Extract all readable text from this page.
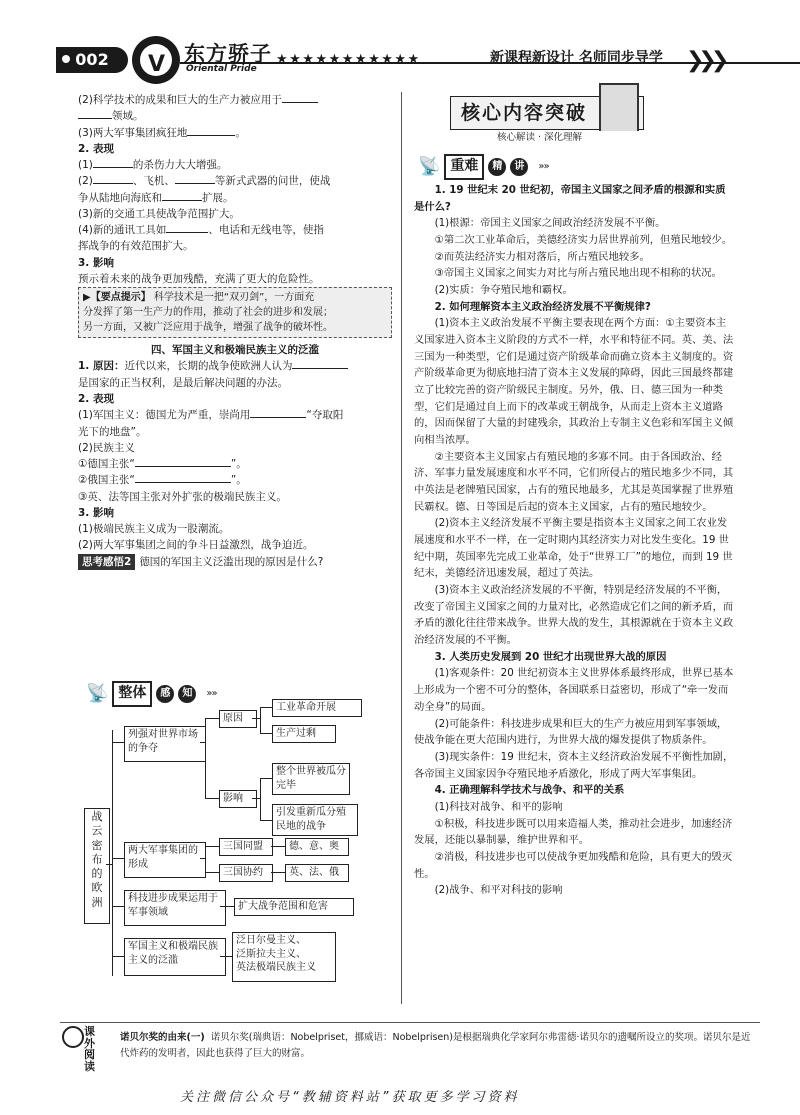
002	V 东方骄子
Oriental Pride
★★★★★★★★★★★	新课程新设计 名师同步导学 ❯❯❯

(2)科学技术的成果和巨大的生产力被应用于

领域。

(3)两大军事集团疯狂地	。

2. 表现

(1)	的杀伤力大大增强。

(2)	、飞机、	等新式武器的问世，使战

争从陆地向海底和	扩展。

(3)新的交通工具使战争范围扩大。

(4)新的通讯工具如	、电话和无线电等，使指

挥战争的有效范围扩大。

3. 影响

预示着未来的战争更加残酷，充满了更大的危险性。

▶【要点提示】 科学技术是一把“双刃剑”，一方面充
分发挥了第一生产力的作用，推动了社会的进步和发展；
另一方面，又被广泛应用于战争，增强了战争的破坏性。

四、军国主义和极端民族主义的泛滥

1. 原因：近代以来，长期的战争使欧洲人认为

是国家的正当权利，是最后解决问题的办法。

2. 表现

(1)军国主义：德国尤为严重，崇尚用	“夺取阳

光下的地盘”。

(2)民族主义

①德国主张“	”。

②俄国主张“	”。

③英、法等国主张对外扩张的极端民族主义。

3. 影响

(1)极端民族主义成为一股潮流。

(2)两大军事集团之间的争斗日益激烈，战争迫近。

思考感悟2 德国的军国主义泛滥出现的原因是什么?

📡 整体	感	知	»»
战云密布的欧洲
列强对世界市场的争夺
原因
工业革命开展
生产过剩
影响
整个世界被瓜分完毕
引发重新瓜分殖民地的战争
两大军事集团的形成
三国同盟
三国协约
德、意、奥
英、法、俄
科技进步成果运用于军事领域	扩大战争范围和危害
军国主义和极端民族主义的泛滥
泛日尔曼主义、
泛斯拉夫主义、
英法极端民族主义
核心内容突破
核心解读 · 深化理解
📡 重难	精	讲	»»

1. 19 世纪末 20 世纪初，帝国主义国家之间矛盾的根源和实质是什么?

(1)根源：帝国主义国家之间政治经济发展不平衡。

①第二次工业革命后，美德经济实力居世界前列，但殖民地较少。

②而英法经济实力相对落后，所占殖民地较多。

③帝国主义国家之间实力对比与所占殖民地出现不相称的状况。

(2)实质：争夺殖民地和霸权。

2. 如何理解资本主义政治经济发展不平衡规律?

(1)资本主义政治发展不平衡主要表现在两个方面：①主要资本主义国家进入资本主义阶段的方式不一样，水平和特征不同。英、美、法三国为一种类型，它们是通过资产阶级革命而确立资本主义制度的。资产阶级革命更为彻底地扫清了资本主义发展的障碍，因此三国最终都建立了比较完善的资产阶级民主制度。另外，俄、日、德三国为一种类型，它们是通过自上而下的改革或王朝战争，从而走上资本主义道路的，因而保留了大量的封建残余，其政治上专制主义色彩和军国主义倾向相当浓厚。

②主要资本主义国家占有殖民地的多寡不同。由于各国政治、经济、军事力量发展速度和水平不同，它们所侵占的殖民地多少不同，其中英法是老牌殖民国家，占有的殖民地最多，尤其是英国掌握了世界殖民霸权。德、日等国是后起的资本主义国家，占有的殖民地较少。

(2)资本主义经济发展不平衡主要是指资本主义国家之间工农业发展速度和水平不一样，在一定时期内其经济实力对比发生变化。19 世纪中期，英国率先完成工业革命，处于“世界工厂”的地位，而到 19 世纪末，美德经济迅速发展，超过了英法。

(3)资本主义政治经济发展的不平衡，特别是经济发展的不平衡，改变了帝国主义国家之间的力量对比，必然造成它们之间的新矛盾，而矛盾的激化往往带来战争。世界大战的发生，其根源就在于资本主义政治经济发展的不平衡。

3. 人类历史发展到 20 世纪才出现世界大战的原因

(1)客观条件：20 世纪初资本主义世界体系最终形成，世界已基本上形成为一个密不可分的整体，各国联系日益密切，形成了“牵一发而动全身”的局面。

(2)可能条件：科技进步成果和巨大的生产力被应用到军事领域，使战争能在更大范围内进行，为世界大战的爆发提供了物质条件。

(3)现实条件：19 世纪末，资本主义经济政治发展不平衡性加剧，各帝国主义国家因争夺殖民地矛盾激化，形成了两大军事集团。

4. 正确理解科学技术与战争、和平的关系

(1)科技对战争、和平的影响

①积极，科技进步既可以用来造福人类，推动社会进步，加速经济发展，还能以暴制暴，维护世界和平。

②消极，科技进步也可以使战争更加残酷和危险，具有更大的毁灭性。

(2)战争、和平对科技的影响

课外阅读
诺贝尔奖的由来(一) 诺贝尔奖(瑞典语：Nobelpriset，挪威语：Nobelprisen)是根据瑞典化学家阿尔弗雷德·诺贝尔的遗嘱所设立的奖项。诺贝尔是近代炸药的发明者，因此也获得了巨大的财富。
关注微信公众号“教辅资料站”获取更多学习资料
